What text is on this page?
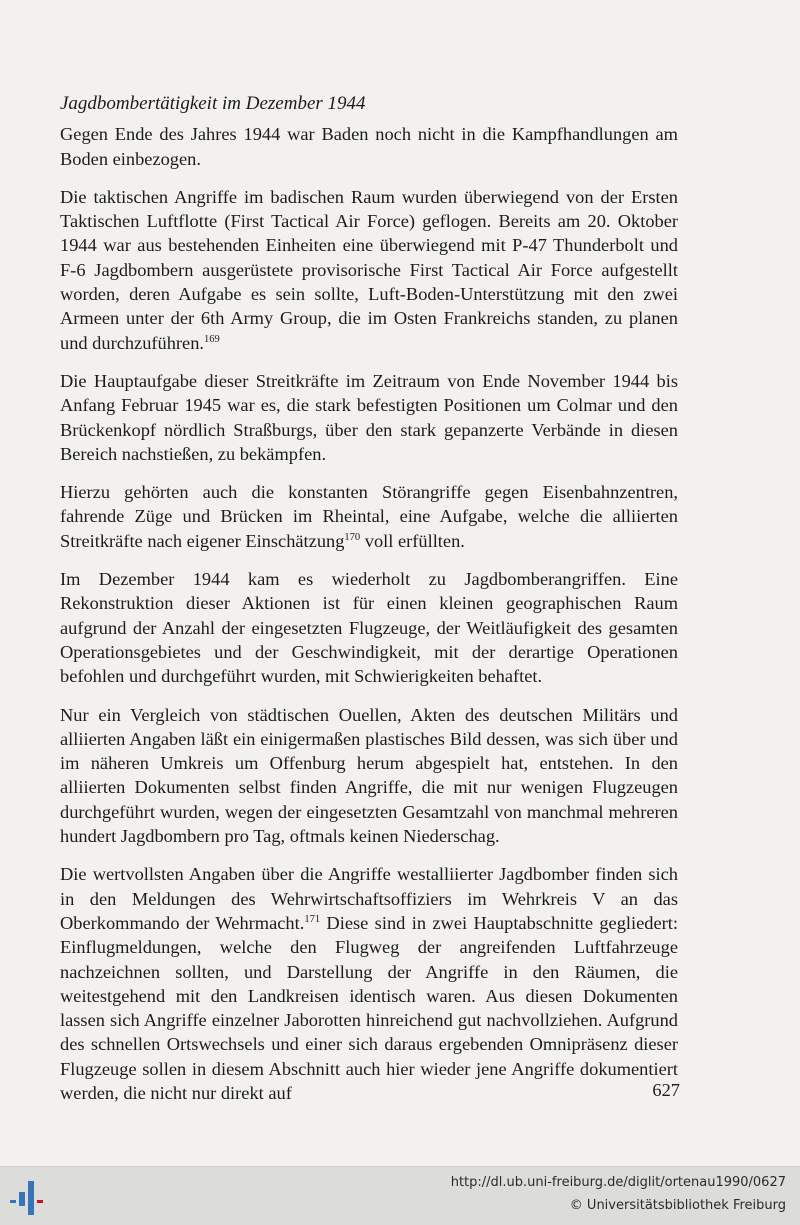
Jagdbombertätigkeit im Dezember 1944

Gegen Ende des Jahres 1944 war Baden noch nicht in die Kampfhandlungen am Boden einbezogen.

Die taktischen Angriffe im badischen Raum wurden überwiegend von der Ersten Taktischen Luftflotte (First Tactical Air Force) geflogen. Bereits am 20. Oktober 1944 war aus bestehenden Einheiten eine überwiegend mit P-47 Thunderbolt und F-6 Jagdbombern ausgerüstete provisorische First Tactical Air Force aufgestellt worden, deren Aufgabe es sein sollte, Luft-Boden-Unterstützung mit den zwei Armeen unter der 6th Army Group, die im Osten Frankreichs standen, zu planen und durchzuführen.$^{169}$

Die Hauptaufgabe dieser Streitkräfte im Zeitraum von Ende November 1944 bis Anfang Februar 1945 war es, die stark befestigten Positionen um Colmar und den Brückenkopf nördlich Straßburgs, über den stark gepanzerte Verbände in diesen Bereich nachstießen, zu bekämpfen.

Hierzu gehörten auch die konstanten Störangriffe gegen Eisenbahnzentren, fahrende Züge und Brücken im Rheintal, eine Aufgabe, welche die alliierten Streitkräfte nach eigener Einschätzung$^{170}$ voll erfüllten.

Im Dezember 1944 kam es wiederholt zu Jagdbomberangriffen. Eine Rekonstruktion dieser Aktionen ist für einen kleinen geographischen Raum aufgrund der Anzahl der eingesetzten Flugzeuge, der Weitläufigkeit des gesamten Operationsgebietes und der Geschwindigkeit, mit der derartige Operationen befohlen und durchgeführt wurden, mit Schwierigkeiten behaftet.

Nur ein Vergleich von städtischen Ouellen, Akten des deutschen Militärs und alliierten Angaben läßt ein einigermaßen plastisches Bild dessen, was sich über und im näheren Umkreis um Offenburg herum abgespielt hat, entstehen. In den alliierten Dokumenten selbst finden Angriffe, die mit nur wenigen Flugzeugen durchgeführt wurden, wegen der eingesetzten Gesamtzahl von manchmal mehreren hundert Jagdbombern pro Tag, oftmals keinen Niederschag.

Die wertvollsten Angaben über die Angriffe westalliierter Jagdbomber finden sich in den Meldungen des Wehrwirtschaftsoffiziers im Wehrkreis V an das Oberkommando der Wehrmacht.$^{171}$ Diese sind in zwei Hauptabschnitte gegliedert: Einflugmeldungen, welche den Flugweg der angreifenden Luftfahrzeuge nachzeichnen sollten, und Darstellung der Angriffe in den Räumen, die weitestgehend mit den Landkreisen identisch waren. Aus diesen Dokumenten lassen sich Angriffe einzelner Jaborotten hinreichend gut nachvollziehen. Aufgrund des schnellen Ortswechsels und einer sich daraus ergebenden Omnipräsenz dieser Flugzeuge sollen in diesem Abschnitt auch hier wieder jene Angriffe dokumentiert werden, die nicht nur direkt auf	627
http://dl.ub.uni-freiburg.de/diglit/ortenau1990/0627
© Universitätsbibliothek Freiburg
